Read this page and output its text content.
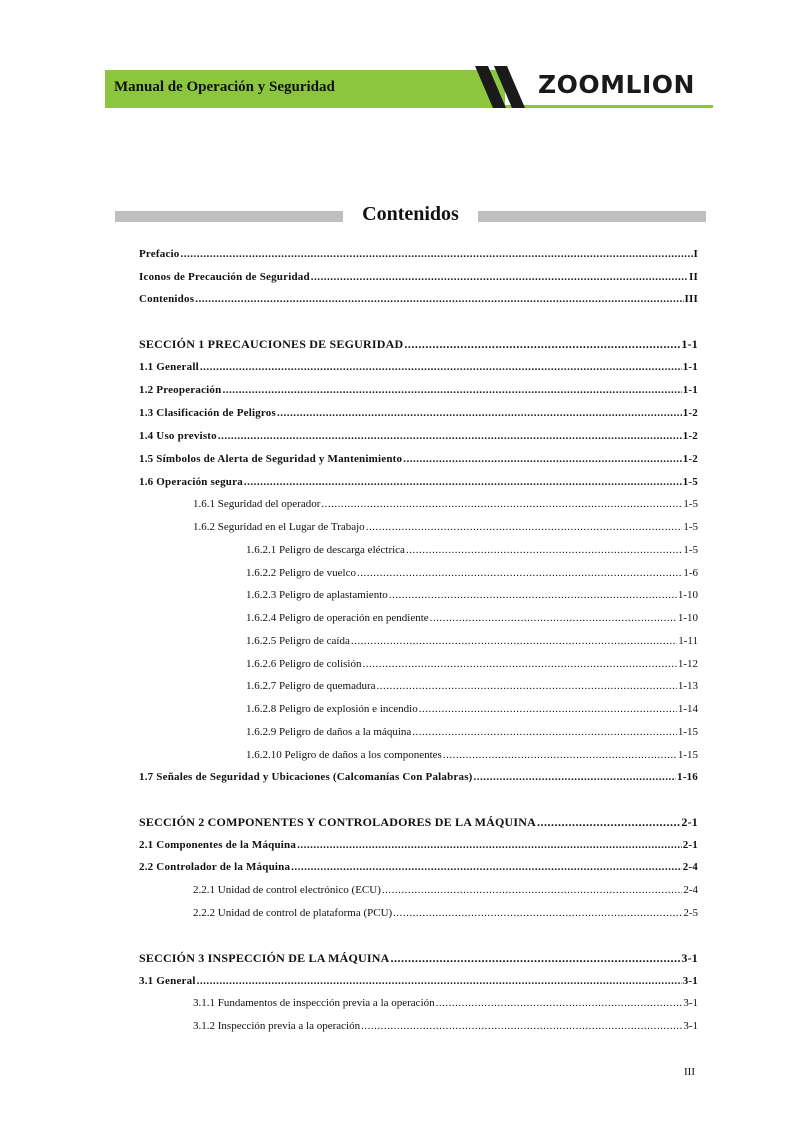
Manual de Operación y Seguridad	ZOOMLION
Contenidos
Prefacio .....	I
Iconos de Precaución de Seguridad .....	II
Contenidos .....	III
SECCIÓN 1 PRECAUCIONES DE SEGURIDAD .....	1-1
1.1 Generall .....	1-1
1.2 Preoperación .....	1-1
1.3 Clasificación de Peligros .....	1-2
1.4 Uso previsto .....	1-2
1.5 Símbolos de Alerta de Seguridad y Mantenimiento .....	1-2
1.6 Operación segura .....	1-5
1.6.1 Seguridad del operador .....	1-5
1.6.2 Seguridad en el Lugar de Trabajo .....	1-5
1.6.2.1 Peligro de descarga eléctrica .....	1-5
1.6.2.2 Peligro de vuelco .....	1-6
1.6.2.3 Peligro de aplastamiento .....	1-10
1.6.2.4 Peligro de operación en pendiente .....	1-10
1.6.2.5 Peligro de caída .....	1-11
1.6.2.6 Peligro de colisión .....	1-12
1.6.2.7 Peligro de quemadura .....	1-13
1.6.2.8 Peligro de explosión e incendio .....	1-14
1.6.2.9 Peligro de daños a la máquina .....	1-15
1.6.2.10 Peligro de daños a los componentes .....	1-15
1.7 Señales de Seguridad y Ubicaciones (Calcomanías Con Palabras) .....	1-16
SECCIÓN 2 COMPONENTES Y CONTROLADORES DE LA MÁQUINA .....	2-1
2.1 Componentes de la Máquina .....	2-1
2.2 Controlador de la Máquina .....	2-4
2.2.1 Unidad de control electrónico (ECU) .....	2-4
2.2.2 Unidad de control de plataforma (PCU) .....	2-5
SECCIÓN 3 INSPECCIÓN DE LA MÁQUINA .....	3-1
3.1 General .....	3-1
3.1.1 Fundamentos de inspección previa a la operación .....	3-1
3.1.2 Inspección previa a la operación .....	3-1
III
